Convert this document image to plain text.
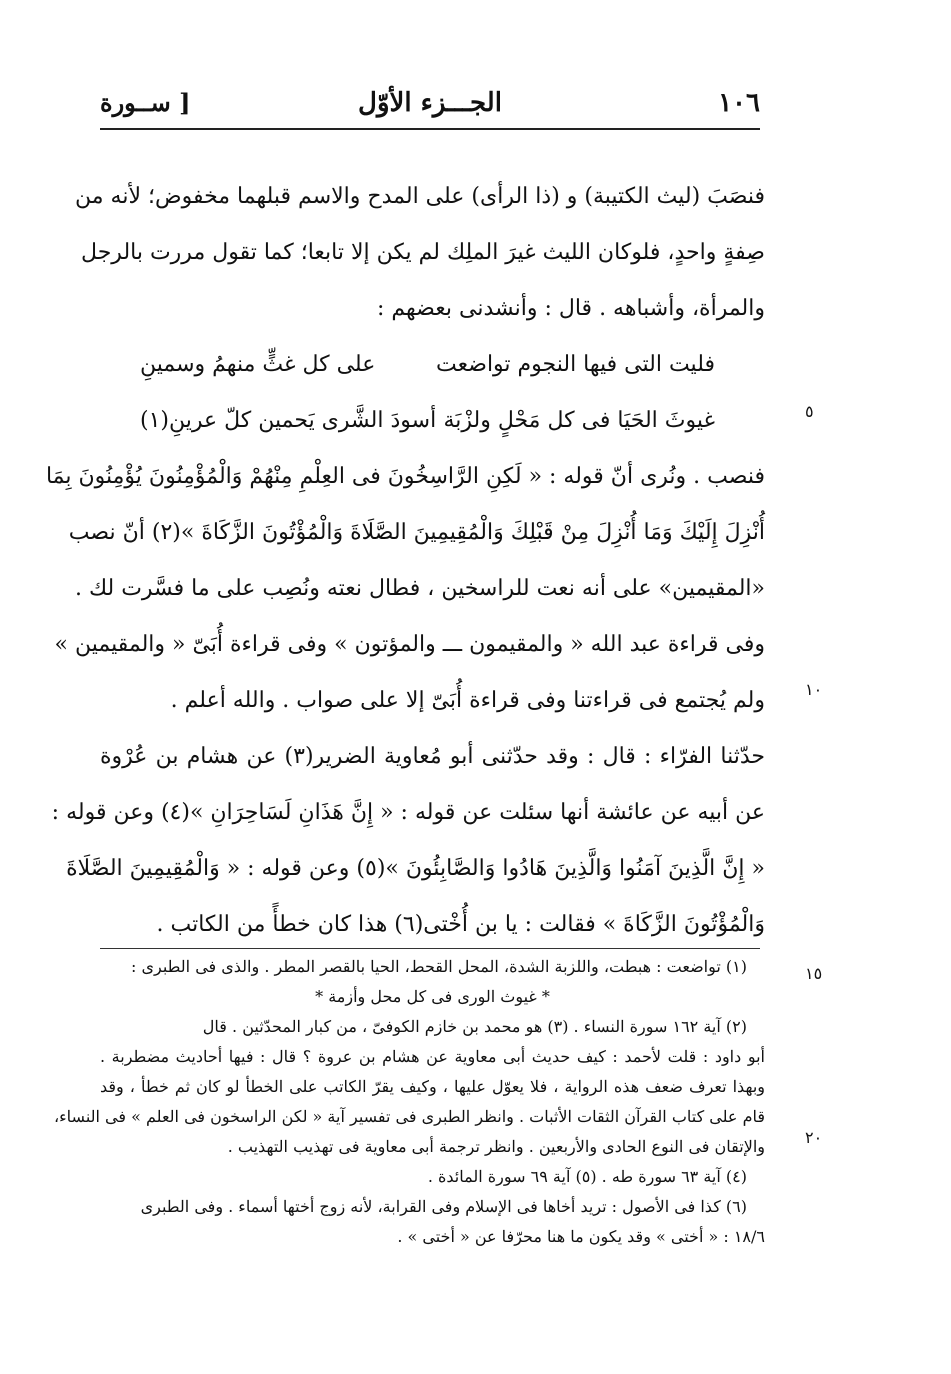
١٠٦
الجـــزء الأوّل
[ ســورة
فنصَبَ (ليث الكتيبة) و (ذا الرأى) على المدح والاسم قبلهما مخفوض؛ لأنه من
صِفةٍ واحدٍ، فلوكان الليث غيرَ الملِك لم يكن إلا تابعا؛ كما تقول مررت بالرجل
والمرأة، وأشباهه . قال : وأنشدنى بعضهم :
فليت التى فيها النجوم تواضعت
على كل غثٍّ منهمُ وسمينِ
غيوثَ الحَيَا فى كل مَحْلٍ ولزْبَة
أسودَ الشَّرى يَحمين كلّ عرينِ(١)
فنصب . ونُرى أنّ قوله : « لَكِنِ الرَّاسِخُونَ فى العِلْمِ مِنْهُمْ وَالْمُؤْمِنُونَ يُؤْمِنُونَ بِمَا
أُنْزِلَ إِلَيْكَ وَمَا أُنْزِلَ مِنْ قَبْلِكَ وَالْمُقِيمِينَ الصَّلَاةَ وَالْمُؤْتُونَ الزَّكَاةَ »(٢) أنّ نصب
«المقيمين» على أنه نعت للراسخين ، فطال نعته ونُصِب على ما فسَّرت لك .
وفى قراءة عبد الله « والمقيمون ـــ والمؤتون » وفى قراءة أُبَىّ « والمقيمين »
ولم يُجتمع فى قراءتنا وفى قراءة أُبَىّ إلا على صواب . والله أعلم .
حدّثنا الفرّاء : قال : وقد حدّثنى أبو مُعاوية الضرير(٣) عن هشام بن عُرْوة
عن أبيه عن عائشة أنها سئلت عن قوله : « إِنَّ هَذَانِ لَسَاحِرَانِ »(٤) وعن قوله :
« إِنَّ الَّذِينَ آمَنُوا وَالَّذِينَ هَادُوا وَالصَّابِئُونَ »(٥) وعن قوله : « وَالْمُقِيمِينَ الصَّلَاةَ
وَالْمُؤْتُونَ الزَّكَاةَ » فقالت : يا بن أُخْتى(٦) هذا كان خطأً من الكاتب .
(١) تواضعت : هبطت، واللزبة الشدة، المحل القحط، الحيا بالقصر المطر . والذى فى الطبرى :
* غيوث الورى فى كل محل وأزمة *
(٢) آية ١٦٢ سورة النساء . (٣) هو محمد بن خازم الكوفىّ ، من كبار المحدّثين . قال
أبو داود : قلت لأحمد : كيف حديث أبى معاوية عن هشام بن عروة ؟ قال : فيها أحاديث مضطربة .
وبهذا تعرف ضعف هذه الرواية ، فلا يعوّل عليها ، وكيف يقرّ الكاتب على الخطأ لو كان ثم خطأ ، وقد
قام على كتاب القرآن الثقات الأثبات . وانظر الطبرى فى تفسير آية « لكن الراسخون فى العلم » فى النساء،
والإتقان فى النوع الحادى والأربعين . وانظر ترجمة أبى معاوية فى تهذيب التهذيب .
(٤) آية ٦٣ سورة طه . (٥) آية ٦٩ سورة المائدة .
(٦) كذا فى الأصول : تريد أخاها فى الإسلام وفى القرابة، لأنه زوج أختها أسماء . وفى الطبرى
١٨/٦ : « أختى » وقد يكون ما هنا محرّفا عن « أختى » .
٥
١٠
١٥
٢٠
